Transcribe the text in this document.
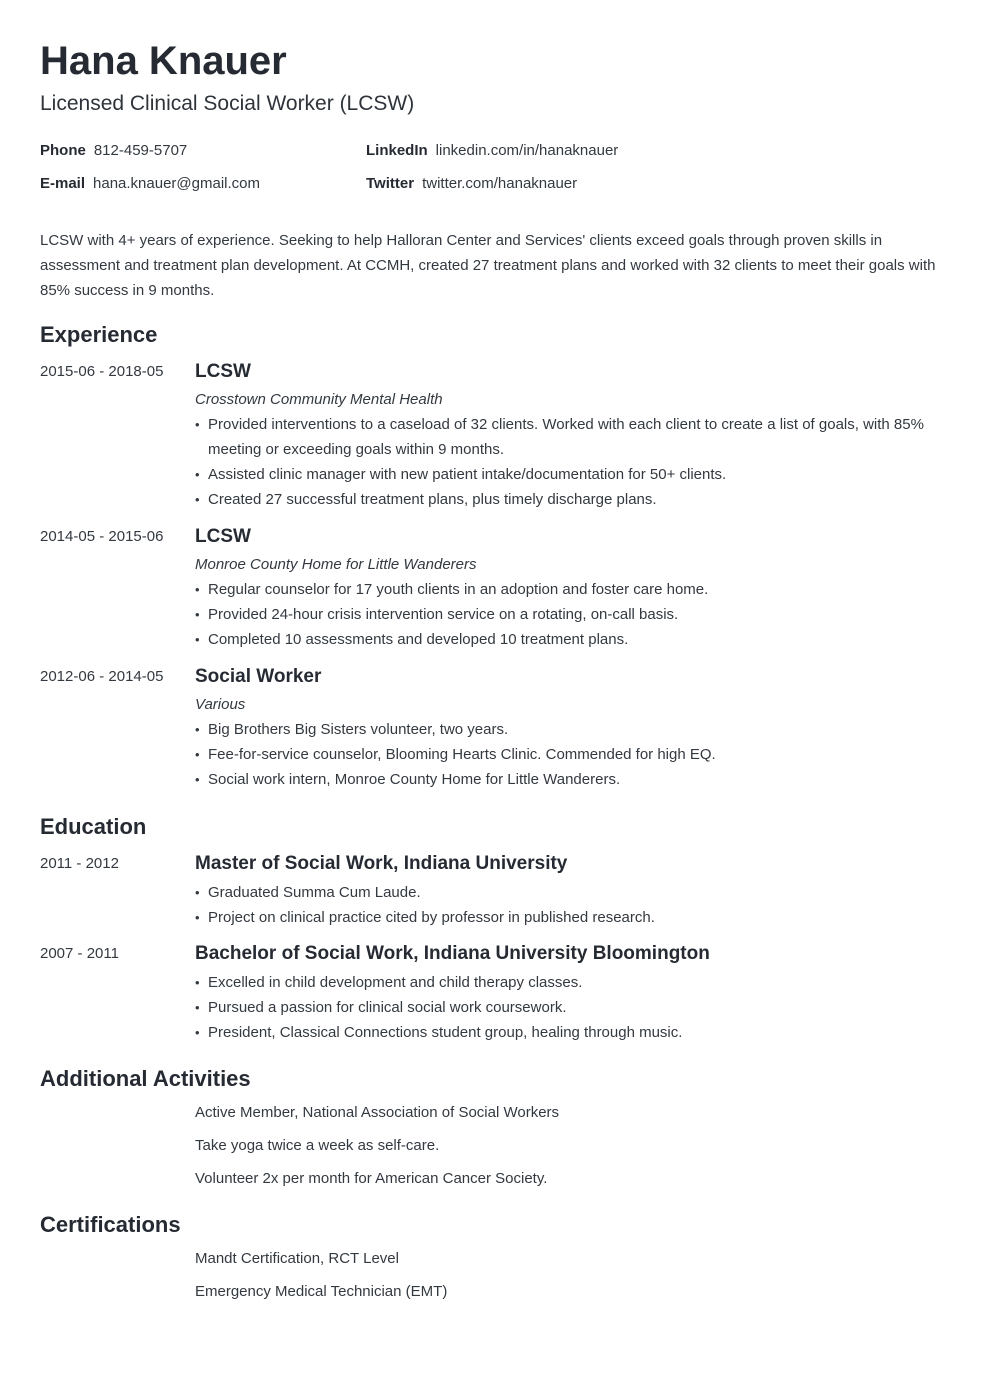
Hana Knauer
Licensed Clinical Social Worker (LCSW)
Phone 812-459-5707
E-mail hana.knauer@gmail.com
LinkedIn linkedin.com/in/hanaknauer
Twitter twitter.com/hanaknauer

LCSW with 4+ years of experience. Seeking to help Halloran Center and Services' clients exceed goals through proven skills in assessment and treatment plan development. At CCMH, created 27 treatment plans and worked with 32 clients to meet their goals with 85% success in 9 months.

Experience
2015-06 - 2018-05 LCSW
Crosstown Community Mental Health
• Provided interventions to a caseload of 32 clients. Worked with each client to create a list of goals, with 85% meeting or exceeding goals within 9 months.
• Assisted clinic manager with new patient intake/documentation for 50+ clients.
• Created 27 successful treatment plans, plus timely discharge plans.
2014-05 - 2015-06 LCSW
Monroe County Home for Little Wanderers
• Regular counselor for 17 youth clients in an adoption and foster care home.
• Provided 24-hour crisis intervention service on a rotating, on-call basis.
• Completed 10 assessments and developed 10 treatment plans.
2012-06 - 2014-05 Social Worker
Various
• Big Brothers Big Sisters volunteer, two years.
• Fee-for-service counselor, Blooming Hearts Clinic. Commended for high EQ.
• Social work intern, Monroe County Home for Little Wanderers.
Education
2011 - 2012	Master of Social Work, Indiana University
• Graduated Summa Cum Laude.
• Project on clinical practice cited by professor in published research.
2007 - 2011	Bachelor of Social Work, Indiana University Bloomington
• Excelled in child development and child therapy classes.
• Pursued a passion for clinical social work coursework.
• President, Classical Connections student group, healing through music.
Additional Activities
Active Member, National Association of Social Workers
Take yoga twice a week as self-care.
Volunteer 2x per month for American Cancer Society.
Certifications
Mandt Certification, RCT Level
Emergency Medical Technician (EMT)
